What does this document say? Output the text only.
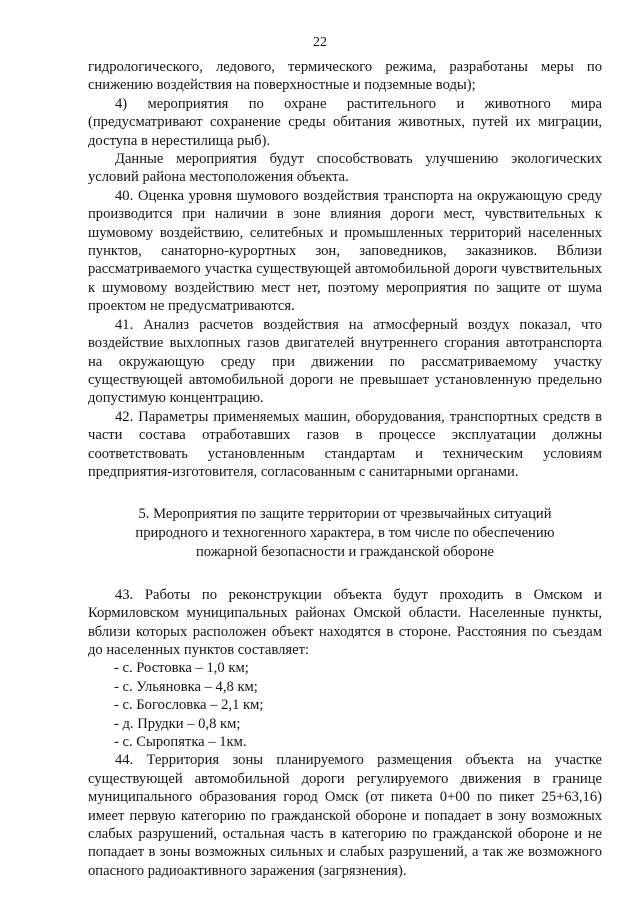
22

гидрологического, ледового, термического режима, разработаны меры по снижению воздействия на поверхностные и подземные воды);

4) мероприятия по охране растительного и животного мира (предусматривают сохранение среды обитания животных, путей их миграции, доступа в нерестилища рыб).

Данные мероприятия будут способствовать улучшению экологических условий района местоположения объекта.

40. Оценка уровня шумового воздействия транспорта на окружающую среду производится при наличии в зоне влияния дороги мест, чувствительных к шумовому воздействию, селитебных и промышленных территорий населенных пунктов, санаторно-курортных зон, заповедников, заказников. Вблизи рассматриваемого участка существующей автомобильной дороги чувствительных к шумовому воздействию мест нет, поэтому мероприятия по защите от шума проектом не предусматриваются.

41. Анализ расчетов воздействия на атмосферный воздух показал, что воздействие выхлопных газов двигателей внутреннего сгорания автотранспорта на окружающую среду при движении по рассматриваемому участку существующей автомобильной дороги не превышает установленную предельно допустимую концентрацию.

42. Параметры применяемых машин, оборудования, транспортных средств в части состава отработавших газов в процессе эксплуатации должны соответствовать установленным стандартам и техническим условиям предприятия-изготовителя, согласованным с санитарными органами.

5. Мероприятия по защите территории от чрезвычайных ситуаций
природного и техногенного характера, в том числе по обеспечению
пожарной безопасности и гражданской обороне

43. Работы по реконструкции объекта будут проходить в Омском и Кормиловском муниципальных районах Омской области. Населенные пункты, вблизи которых расположен объект находятся в стороне. Расстояния по съездам до населенных пунктов составляет:

- с. Ростовка – 1,0 км;
- с. Ульяновка – 4,8 км;
- с. Богословка – 2,1 км;
- д. Прудки – 0,8 км;
- с. Сыропятка – 1км.

44. Территория зоны планируемого размещения объекта на участке существующей автомобильной дороги регулируемого движения в границе муниципального образования город Омск (от пикета 0+00 по пикет 25+63,16) имеет первую категорию по гражданской обороне и попадает в зону возможных слабых разрушений, остальная часть в категорию по гражданской обороне и не попадает в зоны возможных сильных и слабых разрушений, а так же возможного опасного радиоактивного заражения (загрязнения).
